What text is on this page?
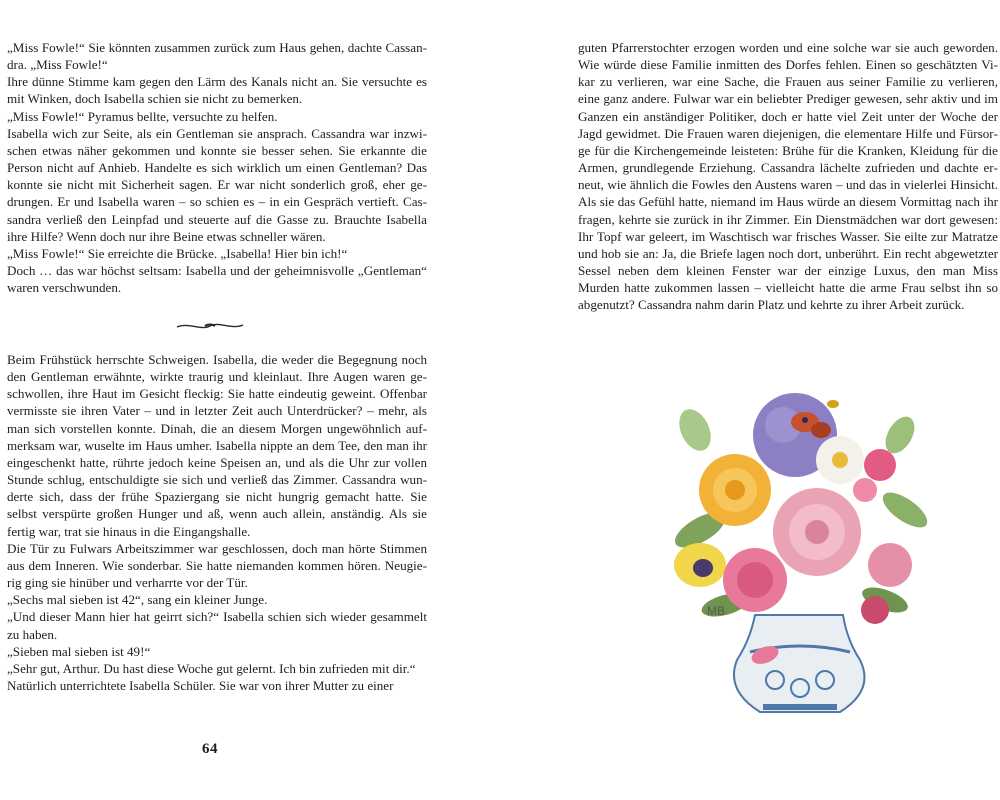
„Miss Fowle!“ Sie könnten zusammen zurück zum Haus gehen, dachte Cassandra. „Miss Fowle!“

Ihre dünne Stimme kam gegen den Lärm des Kanals nicht an. Sie versuchte es mit Winken, doch Isabella schien sie nicht zu bemerken.

„Miss Fowle!“ Pyramus bellte, versuchte zu helfen.

Isabella wich zur Seite, als ein Gentleman sie ansprach. Cassandra war inzwischen etwas näher gekommen und konnte sie besser sehen. Sie erkannte die Person nicht auf Anhieb. Handelte es sich wirklich um einen Gentleman? Das konnte sie nicht mit Sicherheit sagen. Er war nicht sonderlich groß, eher gedrungen. Er und Isabella waren – so schien es – in ein Gespräch vertieft. Cassandra verließ den Leinpfad und steuerte auf die Gasse zu. Brauchte Isabella ihre Hilfe? Wenn doch nur ihre Beine etwas schneller wären.

„Miss Fowle!“ Sie erreichte die Brücke. „Isabella! Hier bin ich!“

Doch … das war höchst seltsam: Isabella und der geheimnisvolle „Gentleman“ waren verschwunden.

Beim Frühstück herrschte Schweigen. Isabella, die weder die Begegnung noch den Gentleman erwähnte, wirkte traurig und kleinlaut. Ihre Augen waren geschwollen, ihre Haut im Gesicht fleckig: Sie hatte eindeutig geweint. Offenbar vermisste sie ihren Vater – und in letzter Zeit auch Unterdrücker? – mehr, als man sich vorstellen konnte. Dinah, die an diesem Morgen ungewöhnlich aufmerksam war, wuselte im Haus umher. Isabella nippte an dem Tee, den man ihr eingeschenkt hatte, rührte jedoch keine Speisen an, und als die Uhr zur vollen Stunde schlug, entschuldigte sie sich und verließ das Zimmer. Cassandra wunderte sich, dass der frühe Spaziergang sie nicht hungrig gemacht hatte. Sie selbst verspürte großen Hunger und aß, wenn auch allein, anständig. Als sie fertig war, trat sie hinaus in die Eingangshalle.

Die Tür zu Fulwars Arbeitszimmer war geschlossen, doch man hörte Stimmen aus dem Inneren. Wie sonderbar. Sie hatte niemanden kommen hören. Neugierig ging sie hinüber und verharrte vor der Tür.

„Sechs mal sieben ist 42“, sang ein kleiner Junge.

„Und dieser Mann hier hat geirrt sich?“ Isabella schien sich wieder gesammelt zu haben.

„Sieben mal sieben ist 49!“

„Sehr gut, Arthur. Du hast diese Woche gut gelernt. Ich bin zufrieden mit dir.“

Natürlich unterrichtete Isabella Schüler. Sie war von ihrer Mutter zu einer

64

guten Pfarrerstochter erzogen worden und eine solche war sie auch geworden. Wie würde diese Familie inmitten des Dorfes fehlen. Einen so geschätzten Vikar zu verlieren, war eine Sache, die Frauen aus seiner Familie zu verlieren, eine ganz andere. Fulwar war ein beliebter Prediger gewesen, sehr aktiv und im Ganzen ein anständiger Politiker, doch er hatte viel Zeit unter der Woche der Jagd gewidmet. Die Frauen waren diejenigen, die elementare Hilfe und Fürsorge für die Kirchengemeinde leisteten: Brühe für die Kranken, Kleidung für die Armen, grundlegende Erziehung. Cassandra lächelte zufrieden und dachte erneut, wie ähnlich die Fowles den Austens waren – und das in vielerlei Hinsicht. Als sie das Gefühl hatte, niemand im Haus würde an diesem Vormittag nach ihr fragen, kehrte sie zurück in ihr Zimmer. Ein Dienstmädchen war dort gewesen: Ihr Topf war geleert, im Waschtisch war frisches Wasser. Sie eilte zur Matratze und hob sie an: Ja, die Briefe lagen noch dort, unberührt. Ein recht abgewetzter Sessel neben dem kleinen Fenster war der einzige Luxus, den man Miss Murden hatte zukommen lassen – vielleicht hatte die arme Frau selbst ihn so abgenutzt? Cassandra nahm darin Platz und kehrte zu ihrer Arbeit zurück.

MB
